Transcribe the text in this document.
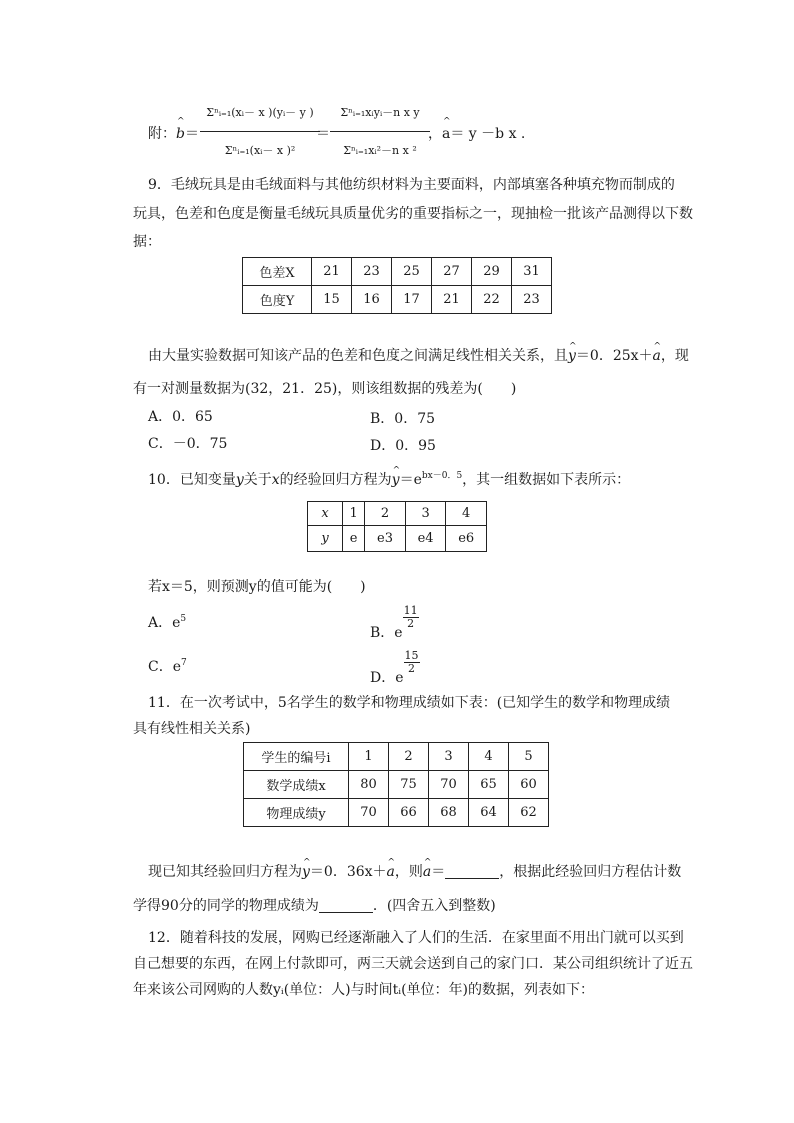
附： ^ b＝
Σⁿᵢ₌₁(xᵢ－ x )(yᵢ－ y )
Σⁿᵢ₌₁(xᵢ－ x )²
＝
Σⁿᵢ₌₁xᵢyᵢ－n x y
Σⁿᵢ₌₁xᵢ²－n x ²
，a＝ y －b x .
9．毛绒玩具是由毛绒面料与其他纺织材料为主要面料，内部填塞各种填充物而制成的
玩具，色差和色度是衡量毛绒玩具质量优劣的重要指标之一，现抽检一批该产品测得以下数
据：
色差X	21	23	25	27	29	31
色度Y	15	16	17	21	22	23
由大量实验数据可知该产品的色差和色度之间满足线性相关关系，且^ y＝0．25x＋^ a，现
有一对测量数据为(32，21．25)，则该组数据的残差为(　　)
A．0．65	B．0．75
C．－0．75	D．0．95
10．已知变量y关于x的经验回归方程为^ $y=e^{bx-0.5}$，其一组数据如下表所示：
x	1	2	3	4
y	e	e3	e4	e6
若x＝5，则预测y的值可能为(　　)
A．$e^5$
B．e
$\frac{11}{2}$
C．$e^7$
D．e
$\frac{15}{2}$
11．在一次考试中，5名学生的数学和物理成绩如下表：(已知学生的数学和物理成绩
具有线性相关关系)
学生的编号i	1	2	3	4	5
数学成绩x	80	75	70	65	60
物理成绩y	70	66	68	64	62
现已知其经验回归方程为^ y＝0．36x＋^ a，则^ a＝	，根据此经验回归方程估计数
学得90分的同学的物理成绩为	．(四舍五入到整数)
12．随着科技的发展，网购已经逐渐融入了人们的生活．在家里面不用出门就可以买到
自己想要的东西，在网上付款即可，两三天就会送到自己的家门口．某公司组织统计了近五
年来该公司网购的人数yᵢ(单位：人)与时间tᵢ(单位：年)的数据，列表如下：
